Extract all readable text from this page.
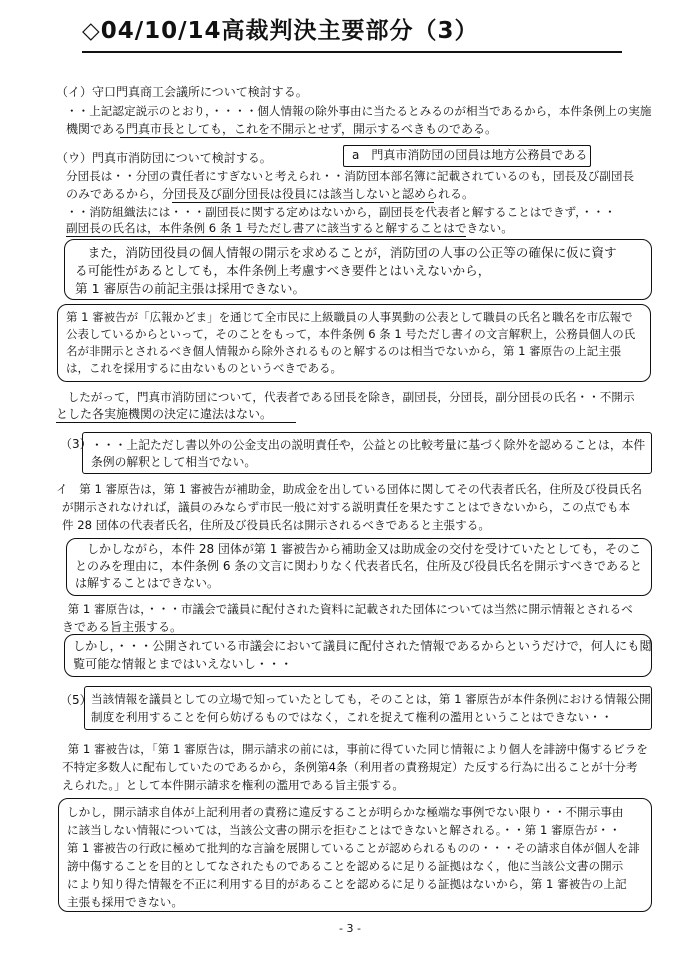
◇04/10/14高裁判決主要部分（3）
（イ）守口門真商工会議所について検討する。
・・上記認定説示のとおり，・・・・個人情報の除外事由に当たるとみるのが相当であるから，本件条例上の実施
機関である門真市長としても，これを不開示とせず，開示するべきものである。
（ウ）門真市消防団について検討する。	a　門真市消防団の団員は地方公務員である
分団長は・・分団の責任者にすぎないと考えられ・・消防団本部名簿に記載されているのも，団長及び副団長
のみであるから，分団長及び副分団長は役員には該当しないと認められる。
・・消防組織法には・・・副団長に関する定めはないから，副団長を代表者と解することはできず，・・・
副団長の氏名は，本件条例 6 条 1 号ただし書アに該当すると解することはできない。
　また，消防団役員の個人情報の開示を求めることが，消防団の人事の公正等の確保に仮に資す
る可能性があるとしても，本件条例上考慮すべき要件とはいえないから，
第 1 審原告の前記主張は採用できない。
第 1 審被告が「広報かどま」を通じて全市民に上級職員の人事異動の公表として職員の氏名と職名を市広報で
公表しているからといって，そのことをもって，本件条例 6 条 1 号ただし書イの文言解釈上，公務員個人の氏
名が非開示とされるべき個人情報から除外されるものと解するのは相当でないから，第 1 審原告の上記主張
は，これを採用するに由ないものというべきである。
　したがって，門真市消防団について，代表者である団長を除き，副団長，分団長，副分団長の氏名・・不開示
とした各実施機関の決定に違法はない。
（3） ・・・上記ただし書以外の公金支出の説明責任や，公益との比較考量に基づく除外を認めることは，本件
条例の解釈として相当でない。
イ　第 1 審原告は，第 1 審被告が補助金，助成金を出している団体に関してその代表者氏名，住所及び役員氏名
が開示されなければ，議員のみならず市民一般に対する説明責任を果たすことはできないから，この点でも本
件 28 団体の代表者氏名，住所及び役員氏名は開示されるべきであると主張する。
　しかしながら，本件 28 団体が第 1 審被告から補助金又は助成金の交付を受けていたとしても，そのこ
とのみを理由に，本件条例 6 条の文言に関わりなく代表者氏名，住所及び役員氏名を開示すべきであると
は解することはできない。
　第 1 審原告は，・・・市議会で議員に配付された資料に記載された団体については当然に開示情報とされるべ
きである旨主張する。
しかし，・・・公開されている市議会において議員に配付された情報であるからというだけで，何人にも閲
覧可能な情報とまではいえないし・・・
（5） 当該情報を議員としての立場で知っていたとしても，そのことは，第 1 審原告が本件条例における情報公開
制度を利用することを何ら妨げるものではなく，これを捉えて権利の濫用ということはできない・・
　第 1 審被告は，「第 1 審原告は，開示請求の前には，事前に得ていた同じ情報により個人を誹謗中傷するビラを
不特定多数人に配布していたのであるから，条例第4条（利用者の責務規定）た反する行為に出ることが十分考
えられた。」として本件開示請求を権利の濫用である旨主張する。
しかし，開示請求自体が上記利用者の責務に違反することが明らかな極端な事例でない限り・・不開示事由
に該当しない情報については，当該公文書の開示を拒むことはできないと解される。・・第 1 審原告が・・
第 1 審被告の行政に極めて批判的な言論を展開していることが認められるものの・・・その請求自体が個人を誹
謗中傷することを目的としてなされたものであることを認めるに足りる証拠はなく，他に当該公文書の開示
により知り得た情報を不正に利用する目的があることを認めるに足りる証拠はないから，第 1 審被告の上記
主張も採用できない。
- 3 -
